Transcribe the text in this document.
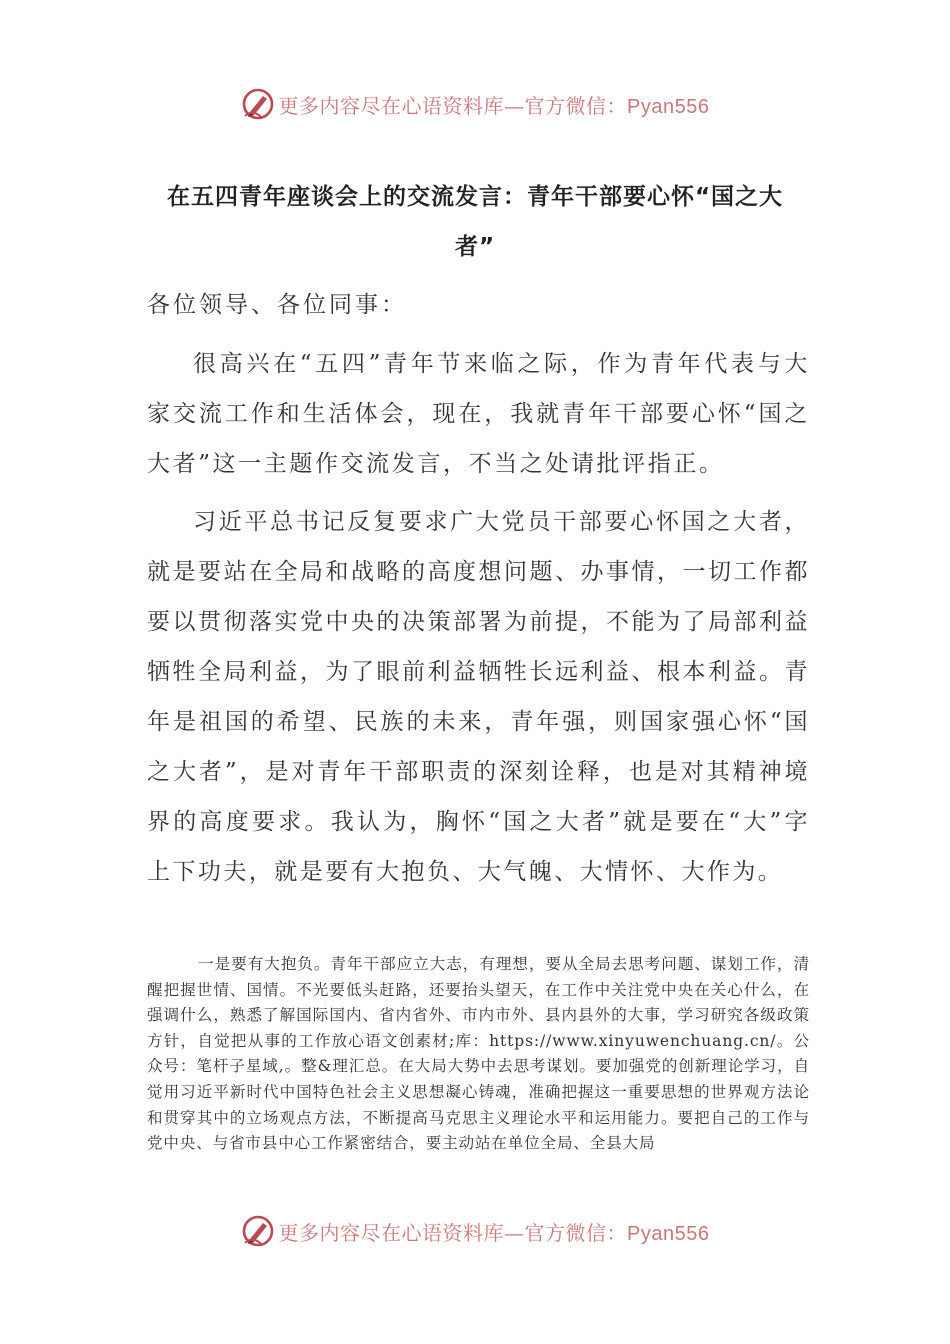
更多内容尽在心语资料库—官方微信：Pyan556
在五四青年座谈会上的交流发言：青年干部要心怀“国之大者”
各位领导、各位同事：

很高兴在“五四”青年节来临之际，作为青年代表与大家交流工作和生活体会，现在，我就青年干部要心怀“国之大者”这一主题作交流发言，不当之处请批评指正。

习近平总书记反复要求广大党员干部要心怀国之大者，就是要站在全局和战略的高度想问题、办事情，一切工作都要以贯彻落实党中央的决策部署为前提，不能为了局部利益牺牲全局利益，为了眼前利益牺牲长远利益、根本利益。青年是祖国的希望、民族的未来，青年强，则国家强心怀“国之大者”，是对青年干部职责的深刻诠释，也是对其精神境界的高度要求。我认为，胸怀“国之大者”就是要在“大”字上下功夫，就是要有大抱负、大气魄、大情怀、大作为。

一是要有大抱负。青年干部应立大志，有理想，要从全局去思考问题、谋划工作，清醒把握世情、国情。不光要低头赶路，还要抬头望天，在工作中关注党中央在关心什么，在强调什么，熟悉了解国际国内、省内省外、市内市外、县内县外的大事，学习研究各级政策方针，自觉把从事的工作放心语文创素材;库：https://www.xinyuwenchuang.cn/。公众号：笔杆子星域,。整&理汇总。在大局大势中去思考谋划。要加强党的创新理论学习，自觉用习近平新时代中国特色社会主义思想凝心铸魂，准确把握这一重要思想的世界观方法论和贯穿其中的立场观点方法，不断提高马克思主义理论水平和运用能力。要把自己的工作与党中央、与省市县中心工作紧密结合，要主动站在单位全局、全县大局

更多内容尽在心语资料库—官方微信：Pyan556
